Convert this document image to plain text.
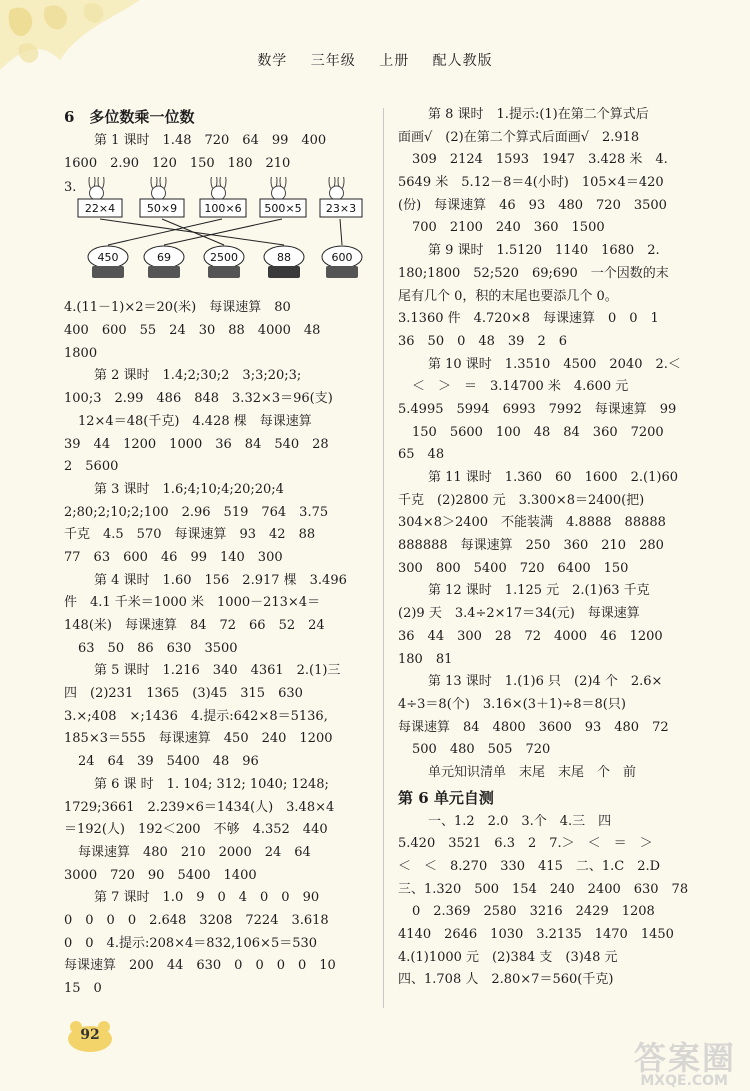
数学 三年级 上册 配人教版
6　多位数乘一位数
第 1 课时　1.48　720　64　99　400
1600　2.90　120　150　180　210
3.
22×4	50×9 100×6 500×5 23×3
450	69	2500	88	600
4.(11－1)×2＝20(米)　每课速算　80
400　600　55　24　30　88　4000　48
1800
第 2 课时　1.4;2;30;2　3;3;20;3;
100;3　2.99　486　848　3.32×3＝96(支)
12×4＝48(千克)　4.428 棵　每课速算
39　44　1200　1000　36　84　540　28
2　5600
第 3 课时　1.6;4;10;4;20;20;4
2;80;2;10;2;100　2.96　519　764　3.75
千克　4.5　570　每课速算　93　42　88
77　63　600　46　99　140　300
第 4 课时　1.60　156　2.917 棵　3.496
件　4.1 千米＝1000 米　1000－213×4＝
148(米)　每课速算　84　72　66　52　24
63　50　86　630　3500
第 5 课时　1.216　340　4361　2.(1)三
四　(2)231　1365　(3)45　315　630
3.×;408　×;1436　4.提示:642×8＝5136,
185×3＝555　每课速算　450　240　1200
24　64　39　5400　48　96
第 6 课 时　1. 104; 312; 1040; 1248;
1729;3661　2.239×6＝1434(人)　3.48×4
＝192(人)　192＜200　不够　4.352　440
每课速算　480　210　2000　24　64
3000　720　90　5400　1400
第 7 课时　1.0　9　0　4　0　0　90
0　0　0　0　2.648　3208　7224　3.618
0　0　4.提示:208×4＝832,106×5＝530
每课速算　200　44　630　0　0　0　0　10
15　0
第 8 课时　1.提示:(1)在第二个算式后
面画√　(2)在第二个算式后面画√　2.918
309　2124　1593　1947　3.428 米　4.
5649 米　5.12－8＝4(小时)　105×4＝420
(份)　每课速算　46　93　480　720　3500
700　2100　240　360　1500
第 9 课时　1.5120　1140　1680　2.
180;1800　52;520　69;690　一个因数的末
尾有几个 0，积的末尾也要添几个 0。
3.1360 件　4.720×8　每课速算　0　0　1
36　50　0　48　39　2　6
第 10 课时　1.3510　4500　2040　2.＜
＜　＞　＝　3.14700 米　4.600 元
5.4995　5994　6993　7992　每课速算　99
150　5600　100　48　84　360　7200
65　48
第 11 课时　1.360　60　1600　2.(1)60
千克　(2)2800 元　3.300×8＝2400(把)
304×8＞2400　不能装满　4.8888　88888
888888　每课速算　250　360　210　280
300　800　5400　720　6400　150
第 12 课时　1.125 元　2.(1)63 千克
(2)9 天　3.4÷2×17＝34(元)　每课速算
36　44　300　28　72　4000　46　1200
180　81
第 13 课时　1.(1)6 只　(2)4 个　2.6×
4÷3＝8(个)　3.16×(3＋1)÷8＝8(只)
每课速算　84　4800　3600　93　480　72
500　480　505　720
单元知识清单　末尾　末尾　个　前
第 6 单元自测
一、1.2　2.0　3.个　4.三　四
5.420　3521　6.3　2　7.＞　＜　＝　＞
＜　＜　8.270　330　415　二、1.C　2.D
三、1.320　500　154　240　2400　630　78
0　2.369　2580　3216　2429　1208
4140　2646　1030　3.2135　1470　1450
4.(1)1000 元　(2)384 支　(3)48 元
四、1.708 人　2.80×7＝560(千克)
92
答案圈
MXQE.COM
